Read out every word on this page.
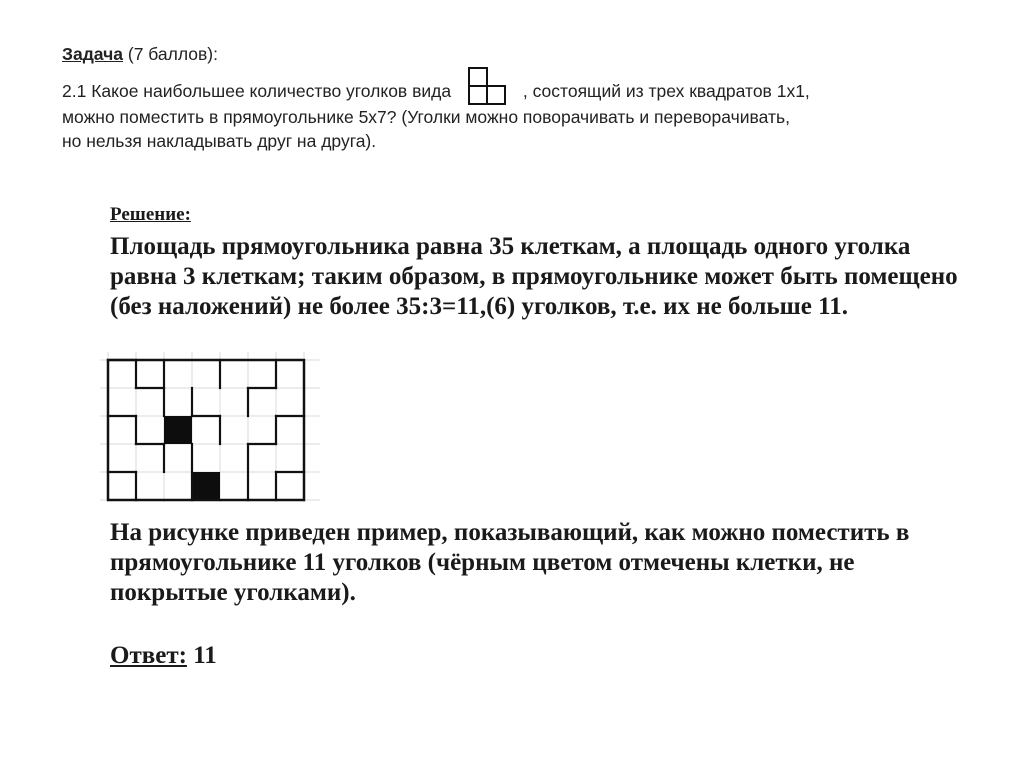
Задача (7 баллов):
2.1 Какое наибольшее количество уголков вида	, состоящий из трех квадратов 1х1,
можно поместить в прямоугольнике 5х7? (Уголки можно поворачивать и переворачивать,
но нельзя накладывать друг на друга).
Решение:
Площадь прямоугольника равна 35 клеткам, а площадь одного уголка равна 3 клеткам; таким образом, в прямоугольнике может быть помещено (без наложений) не более 35:3=11,(6) уголков, т.е. их не больше 11.
На рисунке приведен пример, показывающий, как можно поместить в прямоугольнике 11 уголков (чёрным цветом отмечены клетки, не покрытые уголками).
Ответ: 11
